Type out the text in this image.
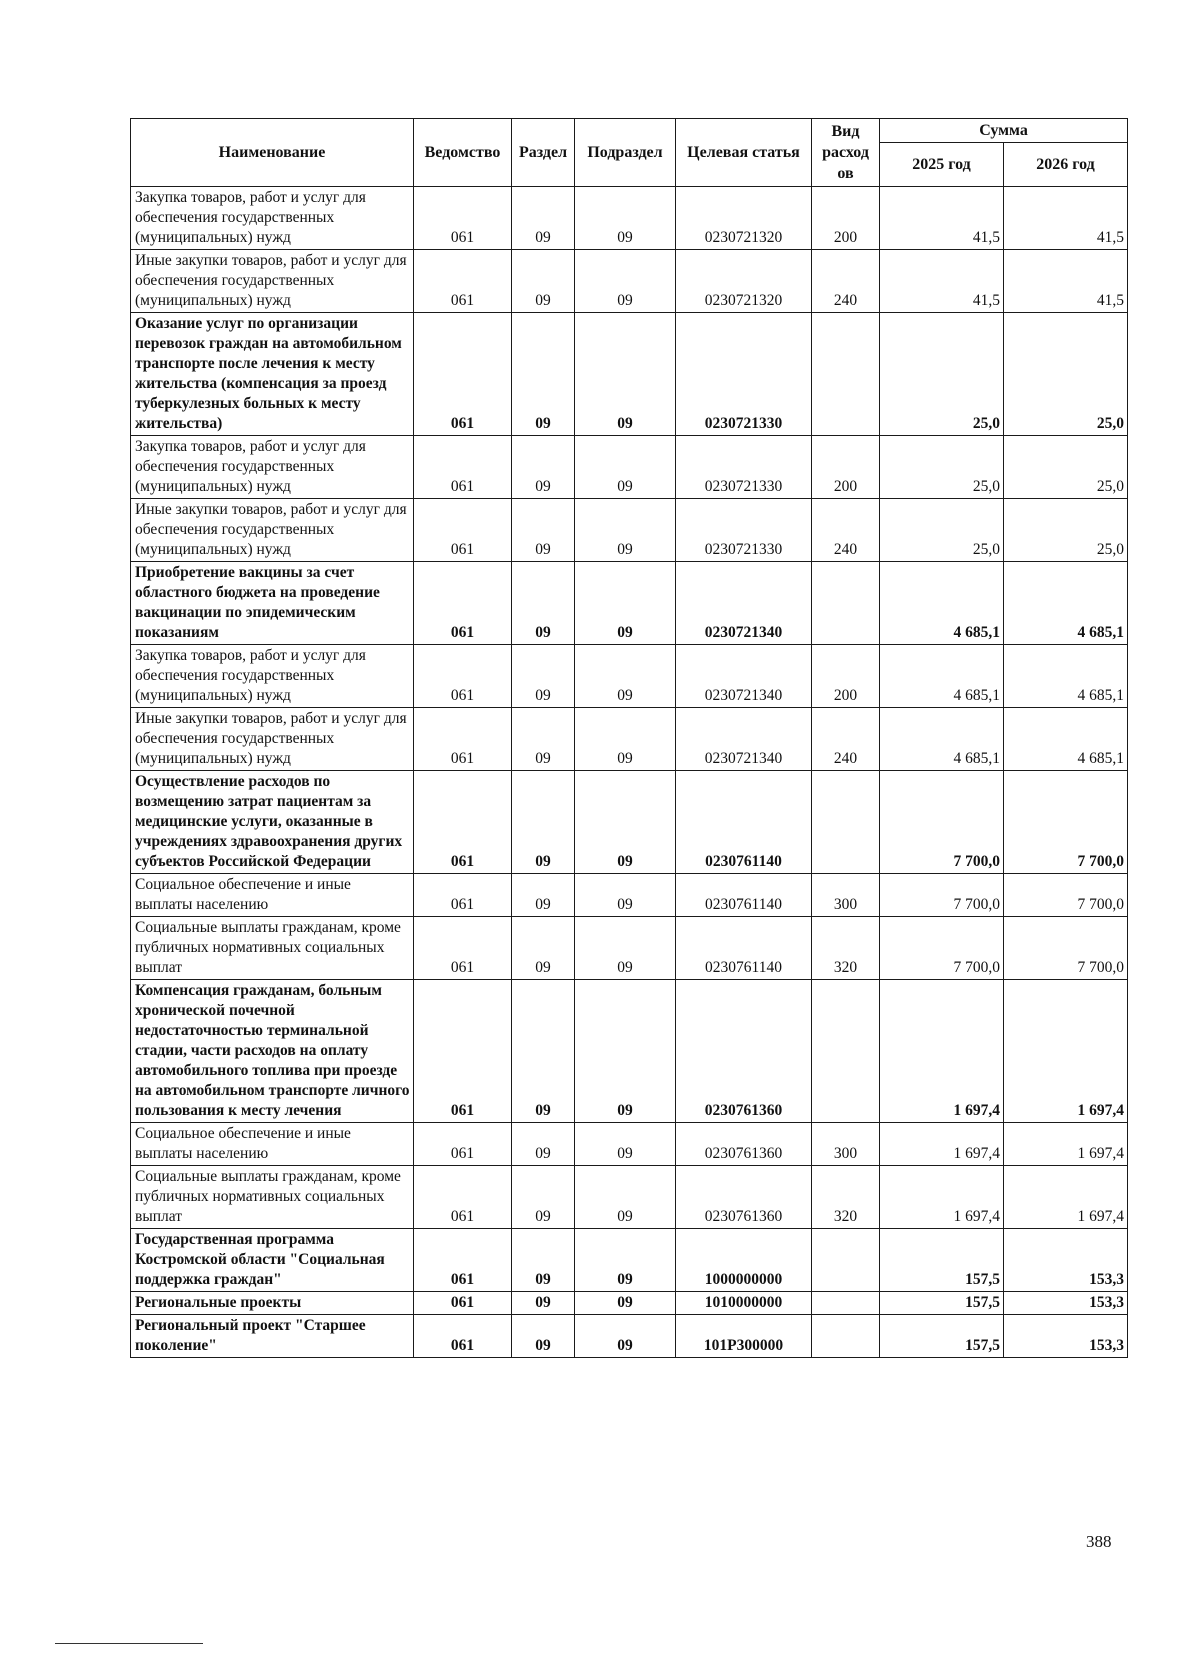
Наименование	Ведомство	Раздел	Подраздел	Целевая статья	Вид расход ов	Сумма	
						2025 год	2026 год
Закупка товаров, работ и услуг для обеспечения государственных (муниципальных) нужд	061	09	09	0230721320	200	41,5	41,5
Иные закупки товаров, работ и услуг для обеспечения государственных (муниципальных) нужд	061	09	09	0230721320	240	41,5	41,5
Оказание услуг по организации перевозок граждан на автомобильном транспорте после лечения к месту жительства (компенсация за проезд туберкулезных больных к месту жительства)	061	09	09	0230721330		25,0	25,0
Закупка товаров, работ и услуг для обеспечения государственных (муниципальных) нужд	061	09	09	0230721330	200	25,0	25,0
Иные закупки товаров, работ и услуг для обеспечения государственных (муниципальных) нужд	061	09	09	0230721330	240	25,0	25,0
Приобретение вакцины за счет областного бюджета на проведение вакцинации по эпидемическим показаниям	061	09	09	0230721340		4 685,1	4 685,1
Закупка товаров, работ и услуг для обеспечения государственных (муниципальных) нужд	061	09	09	0230721340	200	4 685,1	4 685,1
Иные закупки товаров, работ и услуг для обеспечения государственных (муниципальных) нужд	061	09	09	0230721340	240	4 685,1	4 685,1
Осуществление расходов по возмещению затрат пациентам за медицинские услуги, оказанные в учреждениях здравоохранения других субъектов Российской Федерации	061	09	09	0230761140		7 700,0	7 700,0
Социальное обеспечение и иные выплаты населению	061	09	09	0230761140	300	7 700,0	7 700,0
Социальные выплаты гражданам, кроме публичных нормативных социальных выплат	061	09	09	0230761140	320	7 700,0	7 700,0
Компенсация гражданам, больным хронической почечной недостаточностью терминальной стадии, части расходов на оплату автомобильного топлива при проезде на автомобильном транспорте личного пользования к месту лечения	061	09	09	0230761360		1 697,4	1 697,4
Социальное обеспечение и иные выплаты населению	061	09	09	0230761360	300	1 697,4	1 697,4
Социальные выплаты гражданам, кроме публичных нормативных социальных выплат	061	09	09	0230761360	320	1 697,4	1 697,4
Государственная программа Костромской области "Социальная поддержка граждан"	061	09	09	1000000000		157,5	153,3
Региональные проекты	061	09	09	1010000000		157,5	153,3
Региональный проект "Старшее поколение"	061	09	09	101Р300000		157,5	153,3
388
